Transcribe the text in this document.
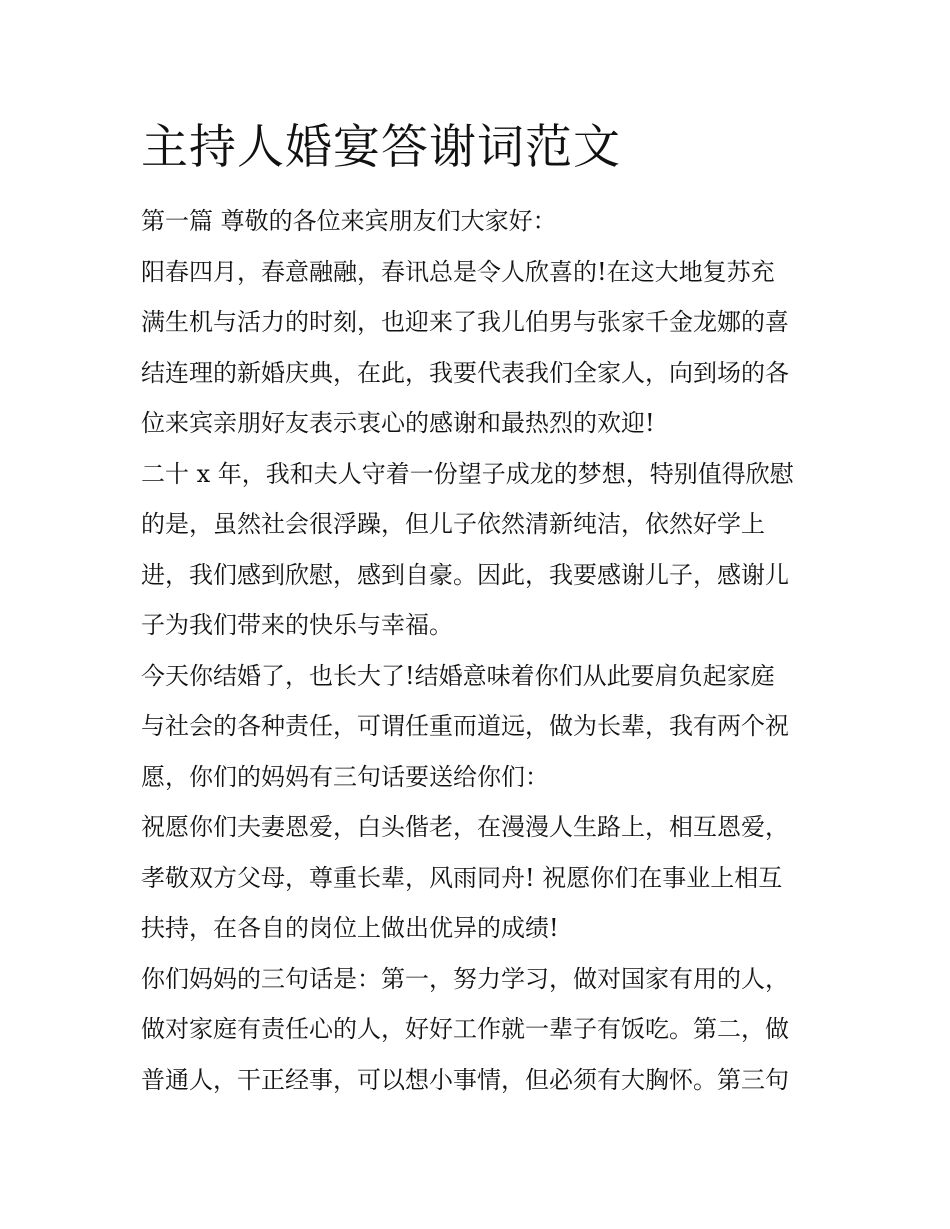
主持人婚宴答谢词范文
第一篇 尊敬的各位来宾朋友们大家好：
阳春四月，春意融融，春讯总是令人欣喜的!在这大地复苏充
满生机与活力的时刻，也迎来了我儿伯男与张家千金龙娜的喜
结连理的新婚庆典，在此，我要代表我们全家人，向到场的各
位来宾亲朋好友表示衷心的感谢和最热烈的欢迎!
二十 x 年，我和夫人守着一份望子成龙的梦想，特别值得欣慰
的是，虽然社会很浮躁，但儿子依然清新纯洁，依然好学上
进，我们感到欣慰，感到自豪。因此，我要感谢儿子，感谢儿
子为我们带来的快乐与幸福。
今天你结婚了，也长大了!结婚意味着你们从此要肩负起家庭
与社会的各种责任，可谓任重而道远，做为长辈，我有两个祝
愿，你们的妈妈有三句话要送给你们：
祝愿你们夫妻恩爱，白头偕老，在漫漫人生路上，相互恩爱，
孝敬双方父母，尊重长辈，风雨同舟! 祝愿你们在事业上相互
扶持，在各自的岗位上做出优异的成绩!
你们妈妈的三句话是：第一，努力学习，做对国家有用的人，
做对家庭有责任心的人，好好工作就一辈子有饭吃。第二，做
普通人，干正经事，可以想小事情，但必须有大胸怀。第三句
